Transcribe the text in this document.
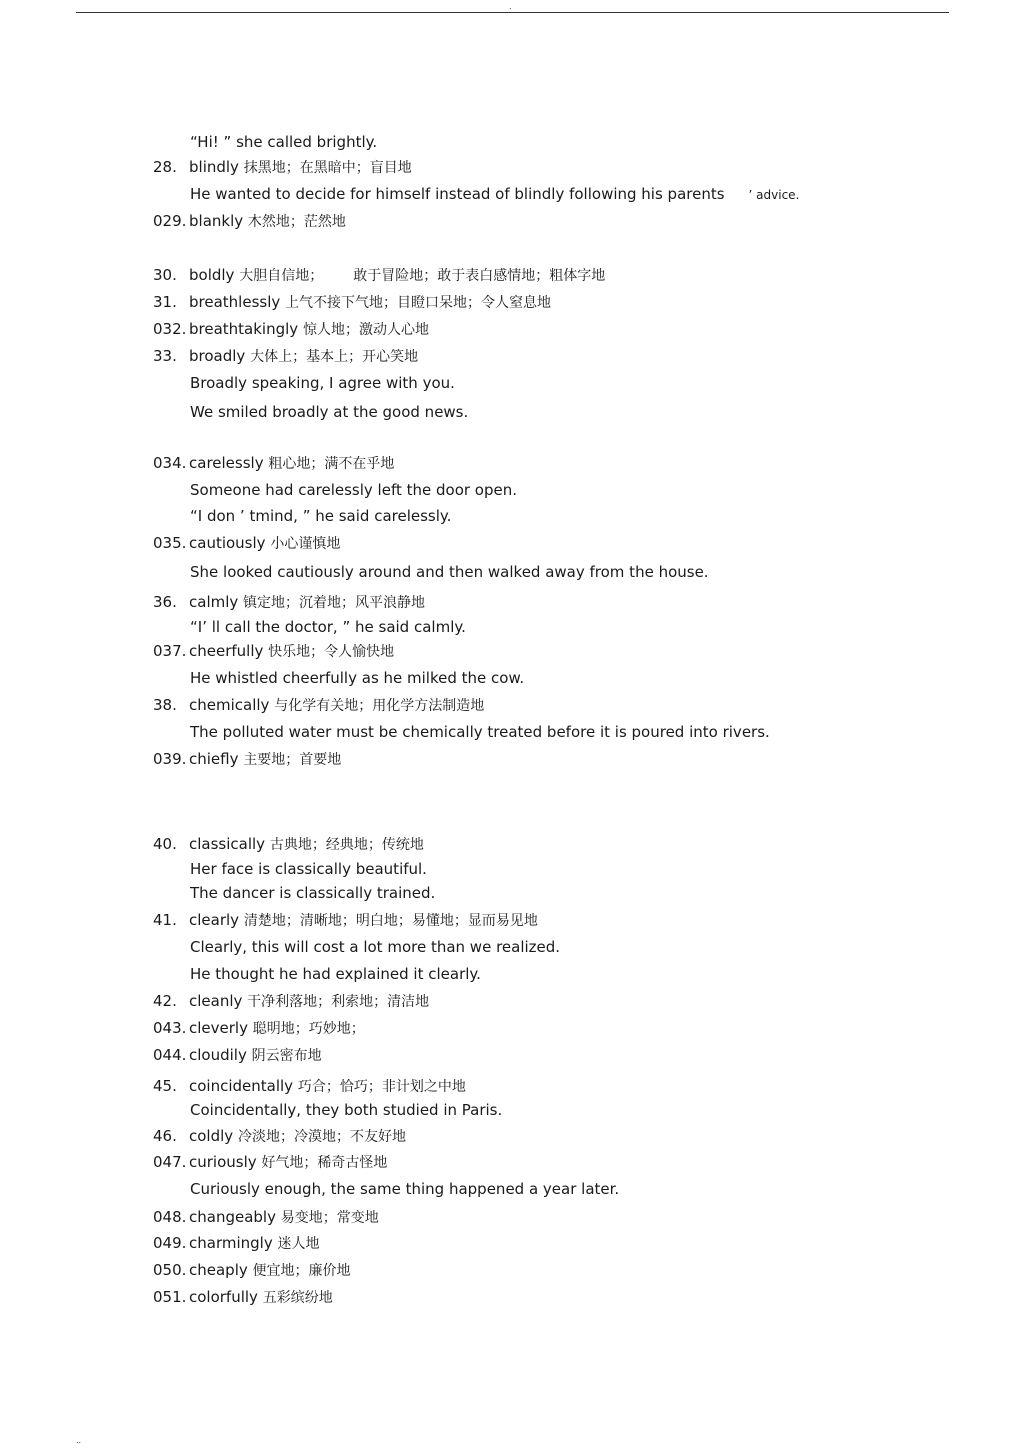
.
“Hi! ” she called brightly.
28. blindly 抹黑地；在黑暗中；盲目地
He wanted to decide for himself instead of blindly following his parents ’ advice.
029. blankly 木然地；茫然地
30. boldly 大胆自信地； 敢于冒险地；敢于表白感情地；粗体字地
31. breathlessly 上气不接下气地；目瞪口呆地；令人窒息地
032. breathtakingly 惊人地；激动人心地
33. broadly 大体上；基本上；开心笑地
Broadly speaking, I agree with you.
We smiled broadly at the good news.
034. carelessly 粗心地；满不在乎地
Someone had carelessly left the door open.
“I don ’ tmind, ” he said carelessly.
035. cautiously 小心谨慎地
She looked cautiously around and then walked away from the house.
36. calmly 镇定地；沉着地；风平浪静地
“I’ ll call the doctor, ” he said calmly.
037. cheerfully 快乐地；令人愉快地
He whistled cheerfully as he milked the cow.
38. chemically 与化学有关地；用化学方法制造地
The polluted water must be chemically treated before it is poured into rivers.
039. chiefly 主要地；首要地
40. classically 古典地；经典地；传统地
Her face is classically beautiful.
The dancer is classically trained.
41. clearly 清楚地；清晰地；明白地；易懂地；显而易见地
Clearly, this will cost a lot more than we realized.
He thought he had explained it clearly.
42. cleanly 干净利落地；利索地；清洁地
043. cleverly 聪明地；巧妙地；
044. cloudily 阴云密布地
45. coincidentally 巧合；恰巧；非计划之中地
Coincidentally, they both studied in Paris.
46. coldly 冷淡地；冷漠地；不友好地
047. curiously 好气地；稀奇古怪地
Curiously enough, the same thing happened a year later.
048. changeably 易变地；常变地
049. charmingly 迷人地
050. cheaply 便宜地；廉价地
051. colorfully 五彩缤纷地
..
